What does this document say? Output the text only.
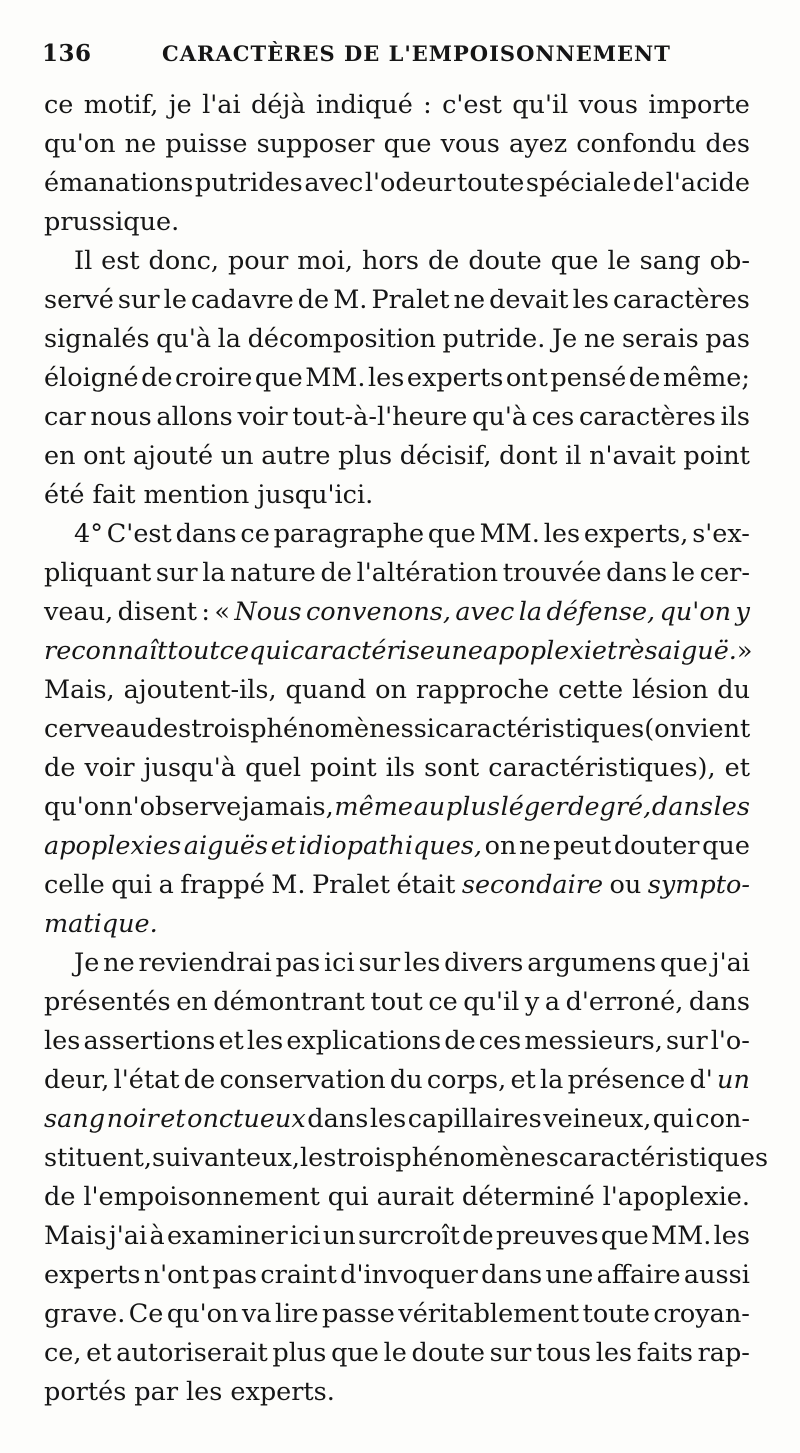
136	CARACTÈRES DE L'EMPOISONNEMENT
ce motif, je l'ai déjà indiqué : c'est qu'il vous importe
qu'on ne puisse supposer que vous ayez confondu des
émanations putrides avec l'odeur toute spéciale de l'acide
prussique.
Il est donc, pour moi, hors de doute que le sang ob-
servé sur le cadavre de M. Pralet ne devait les caractères
signalés qu'à la décomposition putride. Je ne serais pas
éloigné de croire que MM. les experts ont pensé de même;
car nous allons voir tout-à-l'heure qu'à ces caractères ils
en ont ajouté un autre plus décisif, dont il n'avait point
été fait mention jusqu'ici.
4° C'est dans ce paragraphe que MM. les experts, s'ex-
pliquant sur la nature de l'altération trouvée dans le cer-
veau, disent : « Nous convenons, avec la défense, qu'on y
reconnaît tout ce qui caractérise une apoplexie très aiguë. »
Mais, ajoutent-ils, quand on rapproche cette lésion du
cerveau des trois phénomènes si caractéristiques (on vient
de voir jusqu'à quel point ils sont caractéristiques), et
qu'on n'observe jamais, même au plus léger degré, dans les
apoplexies aiguës et idiopathiques, on ne peut douter que
celle qui a frappé M. Pralet était secondaire ou sympto-
matique.
Je ne reviendrai pas ici sur les divers argumens que j'ai
présentés en démontrant tout ce qu'il y a d'erroné, dans
les assertions et les explications de ces messieurs, sur l'o-
deur, l'état de conservation du corps, et la présence d' un
sang noir et onctueux dans les capillaires veineux, qui con-
stituent, suivant eux, les trois phénomènes caractéristiques
de l'empoisonnement qui aurait déterminé l'apoplexie.
Mais j'ai à examiner ici un surcroît de preuves que MM. les
experts n'ont pas craint d'invoquer dans une affaire aussi
grave. Ce qu'on va lire passe véritablement toute croyan-
ce, et autoriserait plus que le doute sur tous les faits rap-
portés par les experts.
